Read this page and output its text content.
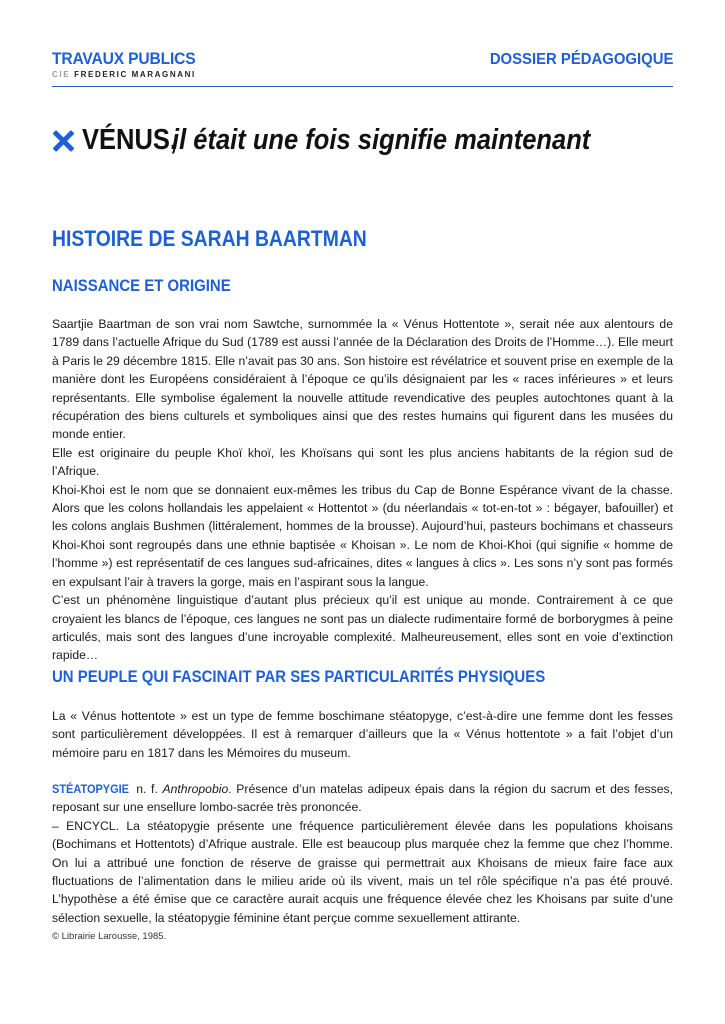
TRAVAUX PUBLICS
CIE FREDERIC MARAGNANI
DOSSIER PÉDAGOGIQUE
VÉNUS,
il était une fois signifie maintenant
HISTOIRE DE SARAH BAARTMAN
NAISSANCE ET ORIGINE

Saartjie Baartman de son vrai nom Sawtche, surnommée la « Vénus Hottentote », serait née aux alentours de 1789 dans l’actuelle Afrique du Sud (1789 est aussi l’année de la Déclaration des Droits de l’Homme…). Elle meurt à Paris le 29 décembre 1815. Elle n’avait pas 30 ans. Son histoire est révélatrice et souvent prise en exemple de la manière dont les Européens considéraient à l’époque ce qu’ils désignaient par les « races inférieures » et leurs représentants. Elle symbolise également la nouvelle attitude revendicative des peuples autochtones quant à la récupération des biens culturels et symboliques ainsi que des restes humains qui figurent dans les musées du monde entier.

Elle est originaire du peuple Khoï khoï, les Khoïsans qui sont les plus anciens habitants de la région sud de l’Afrique.

Khoi-Khoi est le nom que se donnaient eux-mêmes les tribus du Cap de Bonne Espérance vivant de la chasse. Alors que les colons hollandais les appelaient « Hottentot » (du néerlandais « tot-en-tot » : bégayer, bafouiller) et les colons anglais Bushmen (littéralement, hommes de la brousse). Aujourd’hui, pasteurs bochimans et chasseurs Khoi-Khoi sont regroupés dans une ethnie baptisée « Khoisan ». Le nom de Khoi-Khoi (qui signifie « homme de l’homme ») est représentatif de ces langues sud-africaines, dites « langues à clics ». Les sons n’y sont pas formés en expulsant l’air à travers la gorge, mais en l’aspirant sous la langue.

C’est un phénomène linguistique d’autant plus précieux qu’il est unique au monde. Contrairement à ce que croyaient les blancs de l’époque, ces langues ne sont pas un dialecte rudimentaire formé de borborygmes à peine articulés, mais sont des langues d’une incroyable complexité. Malheureusement, elles sont en voie d’extinction rapide…

UN PEUPLE QUI FASCINAIT PAR SES PARTICULARITÉS PHYSIQUES

La « Vénus hottentote » est un type de femme boschimane stéatopyge, c’est-à-dire une femme dont les fesses sont particulièrement développées. Il est à remarquer d’ailleurs que la « Vénus hottentote » a fait l’objet d’un mémoire paru en 1817 dans les Mémoires du museum.

STÉATOPYGIE n. f. Anthropobio. Présence d’un matelas adipeux épais dans la région du sacrum et des fesses, reposant sur une ensellure lombo-sacrée très prononcée.

– ENCYCL. La stéatopygie présente une fréquence particulièrement élevée dans les populations khoisans (Bochimans et Hottentots) d’Afrique australe. Elle est beaucoup plus marquée chez la femme que chez l’homme. On lui a attribué une fonction de réserve de graisse qui permettrait aux Khoisans de mieux faire face aux fluctuations de l’alimentation dans le milieu aride où ils vivent, mais un tel rôle spécifique n’a pas été prouvé. L’hypothèse a été émise que ce caractère aurait acquis une fréquence élevée chez les Khoisans par suite d’une sélection sexuelle, la stéatopygie féminine étant perçue comme sexuellement attirante.

© Librairie Larousse, 1985.
